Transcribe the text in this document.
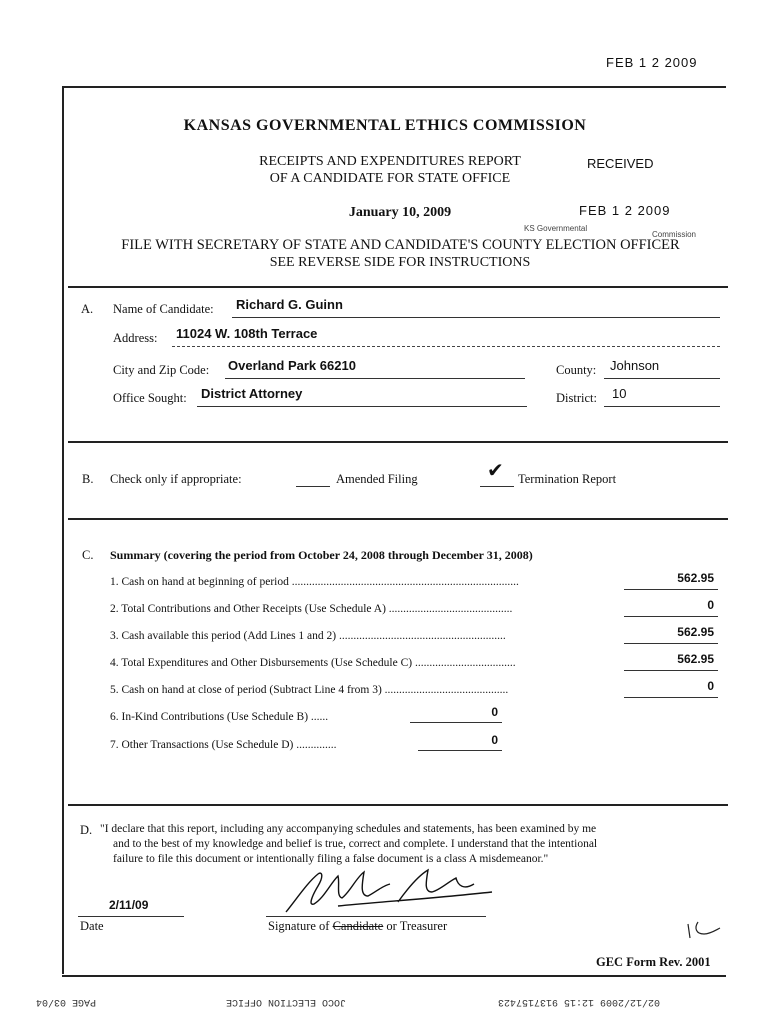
FEB 1 2 2009
KANSAS GOVERNMENTAL ETHICS COMMISSION
RECEIPTS AND EXPENDITURES REPORT
OF A CANDIDATE FOR STATE OFFICE
January 10, 2009
RECEIVED
FEB 1 2 2009
KS Governmental
Commission
FILE WITH SECRETARY OF STATE AND CANDIDATE'S COUNTY ELECTION OFFICER
SEE REVERSE SIDE FOR INSTRUCTIONS
A. Name of Candidate: Richard G. Guinn
Address: 11024 W. 108th Terrace
City and Zip Code: Overland Park 66210	County: Johnson
Office Sought: District Attorney	District: 10
B. Check only if appropriate:	Amended Filing	✔ Termination Report
C. Summary (covering the period from October 24, 2008 through December 31, 2008)
1. Cash on hand at beginning of period ...............................................................................	562.95
2. Total Contributions and Other Receipts (Use Schedule A) ...........................................	0
3. Cash available this period (Add Lines 1 and 2) ..........................................................	562.95
4. Total Expenditures and Other Disbursements (Use Schedule C) ...................................	562.95
5. Cash on hand at close of period (Subtract Line 4 from 3) ...........................................	0
6. In-Kind Contributions (Use Schedule B) ......	0
7. Other Transactions (Use Schedule D) ..............	0
D. "I declare that this report, including any accompanying schedules and statements, has been examined by me
and to the best of my knowledge and belief is true, correct and complete. I understand that the intentional
failure to file this document or intentionally filing a false document is a class A misdemeanor."
2/11/09
Date	Signature of Candidate or Treasurer
GEC Form Rev. 2001
PAGE 03/04	JOCO ELECTION OFFICE	02/12/2009 12:15 9137157423
